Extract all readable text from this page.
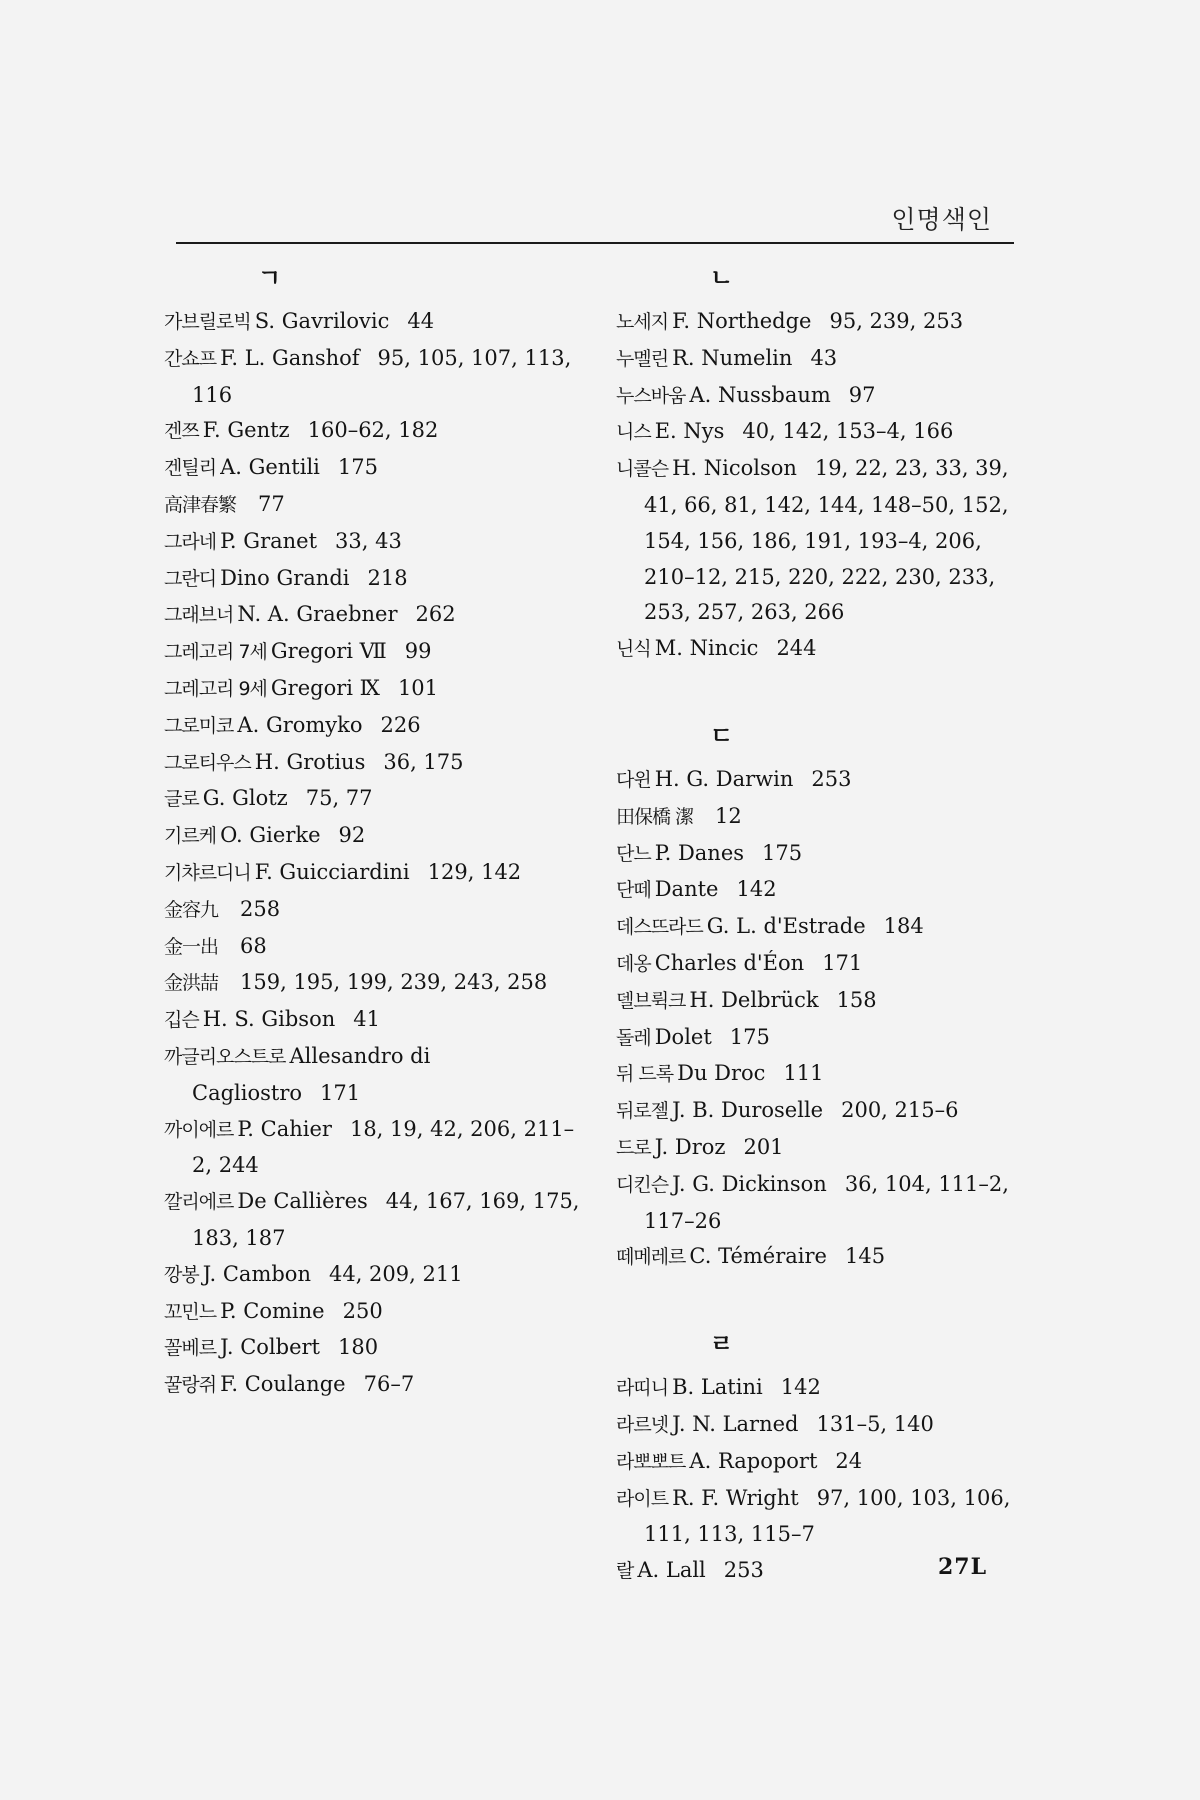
인명색인
ㄱ
가브릴로빅 S. Gavrilovic 44
간쇼프 F. L. Ganshof 95, 105, 107, 113, 116
겐쯔 F. Gentz 160–62, 182
겐틸리 A. Gentili 175
高津春繁 77
그라네 P. Granet 33, 43
그란디 Dino Grandi 218
그래브너 N. A. Graebner 262
그레고리 7세 Gregori Ⅶ 99
그레고리 9세 Gregori Ⅸ 101
그로미코 A. Gromyko 226
그로티우스 H. Grotius 36, 175
글로 G. Glotz 75, 77
기르케 O. Gierke 92
기챠르디니 F. Guicciardini 129, 142
金容九 258
金一出 68
金洪喆 159, 195, 199, 239, 243, 258
깁슨 H. S. Gibson 41
까글리오스트로 Allesandro di Cagliostro 171
까이에르 P. Cahier 18, 19, 42, 206, 211–2, 244
깔리에르 De Callières 44, 167, 169, 175, 183, 187
깡봉 J. Cambon 44, 209, 211
꼬민느 P. Comine 250
꼴베르 J. Colbert 180
꿀랑쥐 F. Coulange 76–7
ㄴ
노세지 F. Northedge 95, 239, 253
누멜린 R. Numelin 43
누스바움 A. Nussbaum 97
니스 E. Nys 40, 142, 153–4, 166
니콜슨 H. Nicolson 19, 22, 23, 33, 39, 41, 66, 81, 142, 144, 148–50, 152, 154, 156, 186, 191, 193–4, 206, 210–12, 215, 220, 222, 230, 233, 253, 257, 263, 266
닌식 M. Nincic 244
ㄷ
다윈 H. G. Darwin 253
田保橋 潔 12
단느 P. Danes 175
단떼 Dante 142
데스뜨라드 G. L. d'Estrade 184
데옹 Charles d'Éon 171
델브뤽크 H. Delbrück 158
돌레 Dolet 175
뒤 드록 Du Droc 111
뒤로젤 J. B. Duroselle 200, 215–6
드로 J. Droz 201
디킨슨 J. G. Dickinson 36, 104, 111–2, 117–26
떼메레르 C. Téméraire 145
ㄹ
라띠니 B. Latini 142
라르넷 J. N. Larned 131–5, 140
라뽀뽀트 A. Rapoport 24
라이트 R. F. Wright 97, 100, 103, 106, 111, 113, 115–7
랄 A. Lall 253	27L
